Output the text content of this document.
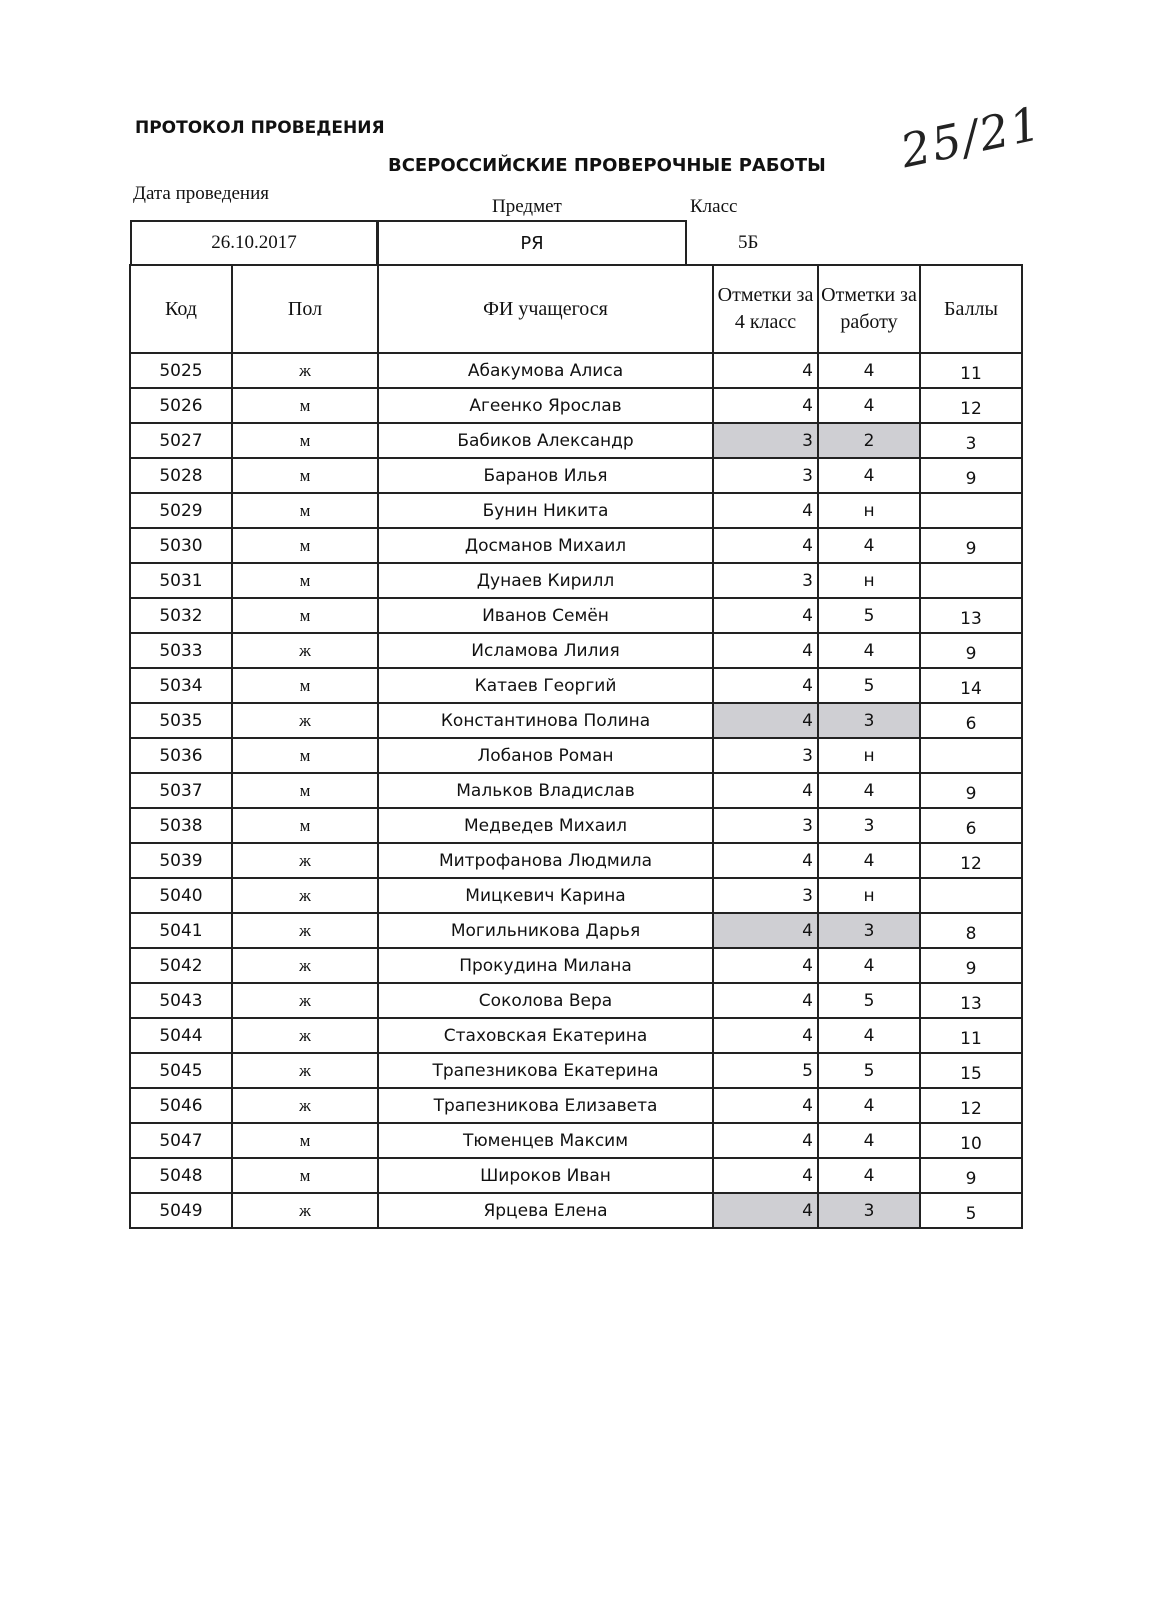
ПРОТОКОЛ ПРОВЕДЕНИЯ
ВСЕРОССИЙСКИЕ ПРОВЕРОЧНЫЕ РАБОТЫ 25/21
Дата проведения
Предмет	Класс
26.10.2017	РЯ	5Б
Код	Пол	ФИ учащегося	Отметки за 4 класс	Отметки за работу	Баллы
5025	ж	Абакумова Алиса	4	4	11
5026	м	Агеенко Ярослав	4	4	12
5027	м	Бабиков Александр	3	2	3
5028	м	Баранов Илья	3	4	9
5029	м	Бунин Никита	4	н	
5030	м	Досманов Михаил	4	4	9
5031	м	Дунаев Кирилл	3	н	
5032	м	Иванов Семён	4	5	13
5033	ж	Исламова Лилия	4	4	9
5034	м	Катаев Георгий	4	5	14
5035	ж	Константинова Полина	4	3	6
5036	м	Лобанов Роман	3	н	
5037	м	Мальков Владислав	4	4	9
5038	м	Медведев Михаил	3	3	6
5039	ж	Митрофанова Людмила	4	4	12
5040	ж	Мицкевич Карина	3	н	
5041	ж	Могильникова Дарья	4	3	8
5042	ж	Прокудина Милана	4	4	9
5043	ж	Соколова Вера	4	5	13
5044	ж	Стаховская Екатерина	4	4	11
5045	ж	Трапезникова Екатерина	5	5	15
5046	ж	Трапезникова Елизавета	4	4	12
5047	м	Тюменцев Максим	4	4	10
5048	м	Широков Иван	4	4	9
5049	ж	Ярцева Елена	4	3	5
